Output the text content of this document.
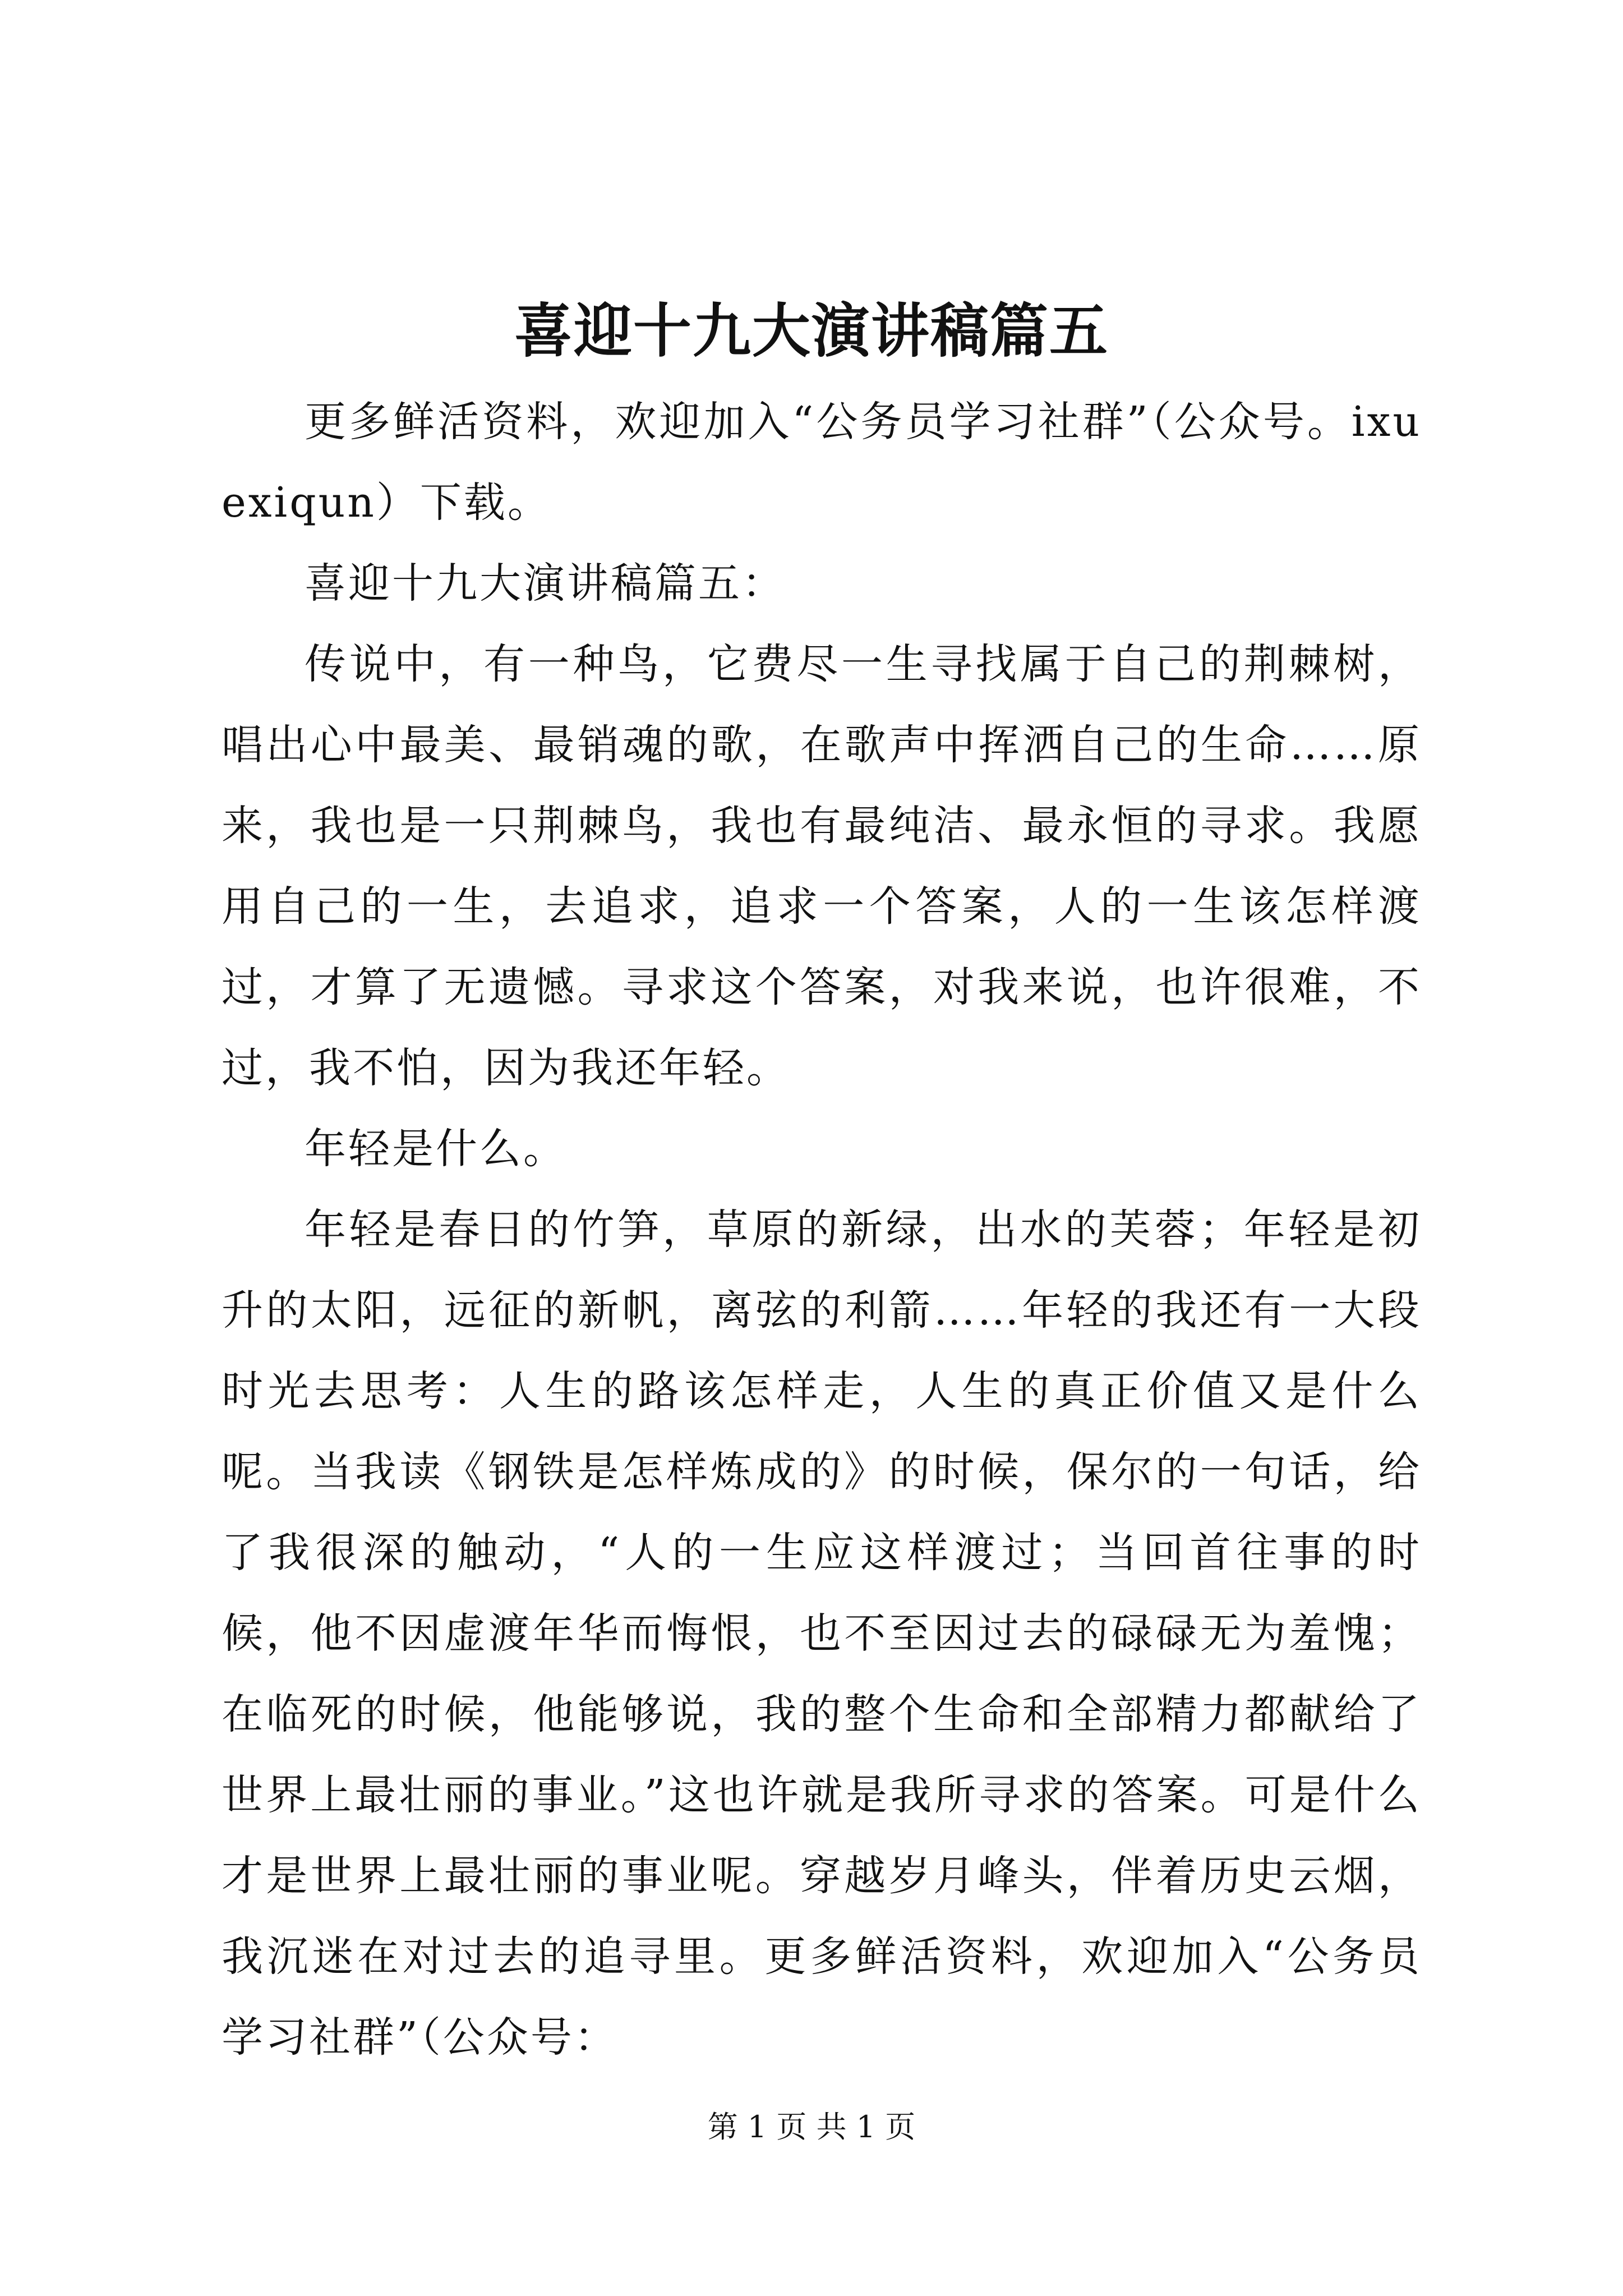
喜迎十九大演讲稿篇五

更多鲜活资料，欢迎加入“公务员学习社群”（公众号。ixuexiqun）下载。

喜迎十九大演讲稿篇五：

传说中，有一种鸟，它费尽一生寻找属于自己的荆棘树，唱出心中最美、最销魂的歌，在歌声中挥洒自己的生命……原来，我也是一只荆棘鸟，我也有最纯洁、最永恒的寻求。我愿用自己的一生，去追求，追求一个答案，人的一生该怎样渡过，才算了无遗憾。寻求这个答案，对我来说，也许很难，不过，我不怕，因为我还年轻。

年轻是什么。

年轻是春日的竹笋，草原的新绿，出水的芙蓉；年轻是初升的太阳，远征的新帆，离弦的利箭……年轻的我还有一大段时光去思考：人生的路该怎样走，人生的真正价值又是什么呢。当我读《钢铁是怎样炼成的》的时候，保尔的一句话，给了我很深的触动，“人的一生应这样渡过；当回首往事的时候，他不因虚渡年华而悔恨，也不至因过去的碌碌无为羞愧；在临死的时候，他能够说，我的整个生命和全部精力都献给了世界上最壮丽的事业。”这也许就是我所寻求的答案。可是什么才是世界上最壮丽的事业呢。穿越岁月峰头，伴着历史云烟，我沉迷在对过去的追寻里。更多鲜活资料，欢迎加入“公务员学习社群”（公众号：

第 1 页 共 1 页
